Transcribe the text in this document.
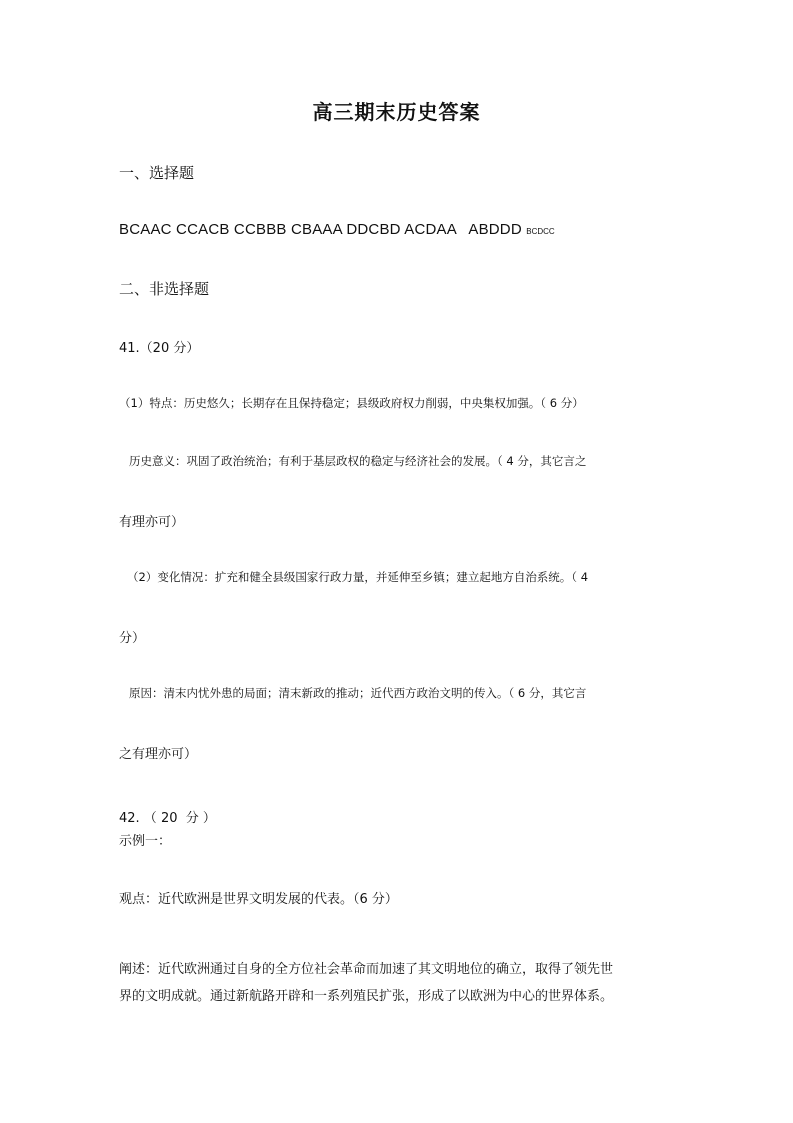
高三期末历史答案
一、选择题
BCAAC CCACB CCBBB CBAAA DDCBD ACDAA   ABDDD BCDCC
二、非选择题
41.（20 分）
（1）特点：历史悠久；长期存在且保持稳定；县级政府权力削弱，中央集权加强。（ 6 分）
历史意义：巩固了政治统治；有利于基层政权的稳定与经济社会的发展。（ 4 分，其它言之
有理亦可）
（2）变化情况：扩充和健全县级国家行政力量，并延伸至乡镇；建立起地方自治系统。（ 4
分）
原因：清末内忧外患的局面；清末新政的推动；近代西方政治文明的传入。（ 6 分，其它言
之有理亦可）
42. （ 20  分 ）
示例一：
观点：近代欧洲是世界文明发展的代表。（6 分）
阐述：近代欧洲通过自身的全方位社会革命而加速了其文明地位的确立，取得了领先世
界的文明成就。通过新航路开辟和一系列殖民扩张，形成了以欧洲为中心的世界体系。
